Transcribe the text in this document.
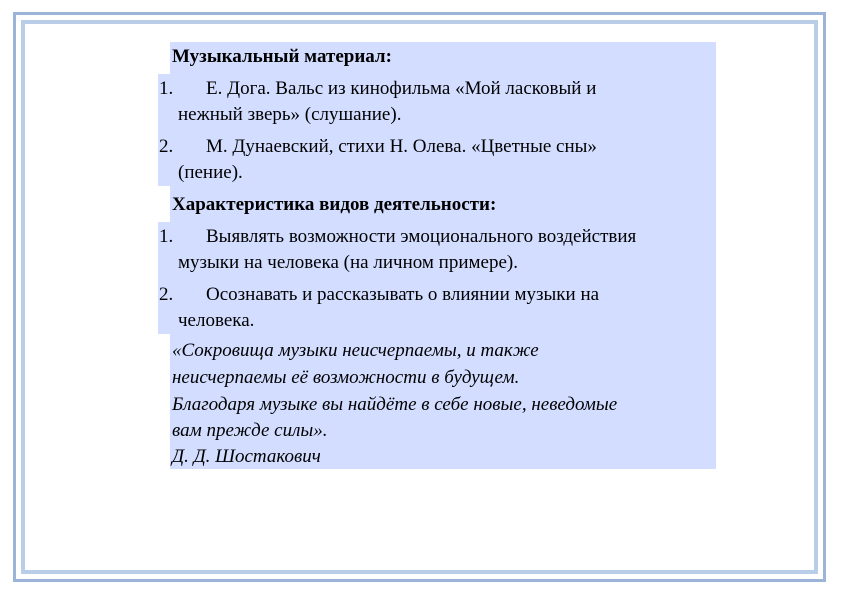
Музыкальный материал:
1. Е. Дога. Вальс из кинофильма «Мой ласковый и
нежный зверь» (слушание).
2. М. Дунаевский, стихи Н. Олева. «Цветные сны»
(пение).
Характеристика видов деятельности:
1. Выявлять возможности эмоционального воздействия
музыки на человека (на личном примере).
2. Осознавать и рассказывать о влиянии музыки на
человека.
«Сокровища музыки неисчерпаемы, и также
неисчерпаемы её возможности в будущем.
Благодаря музыке вы найдёте в себе новые, неведомые
вам прежде силы».
Д. Д. Шостакович
